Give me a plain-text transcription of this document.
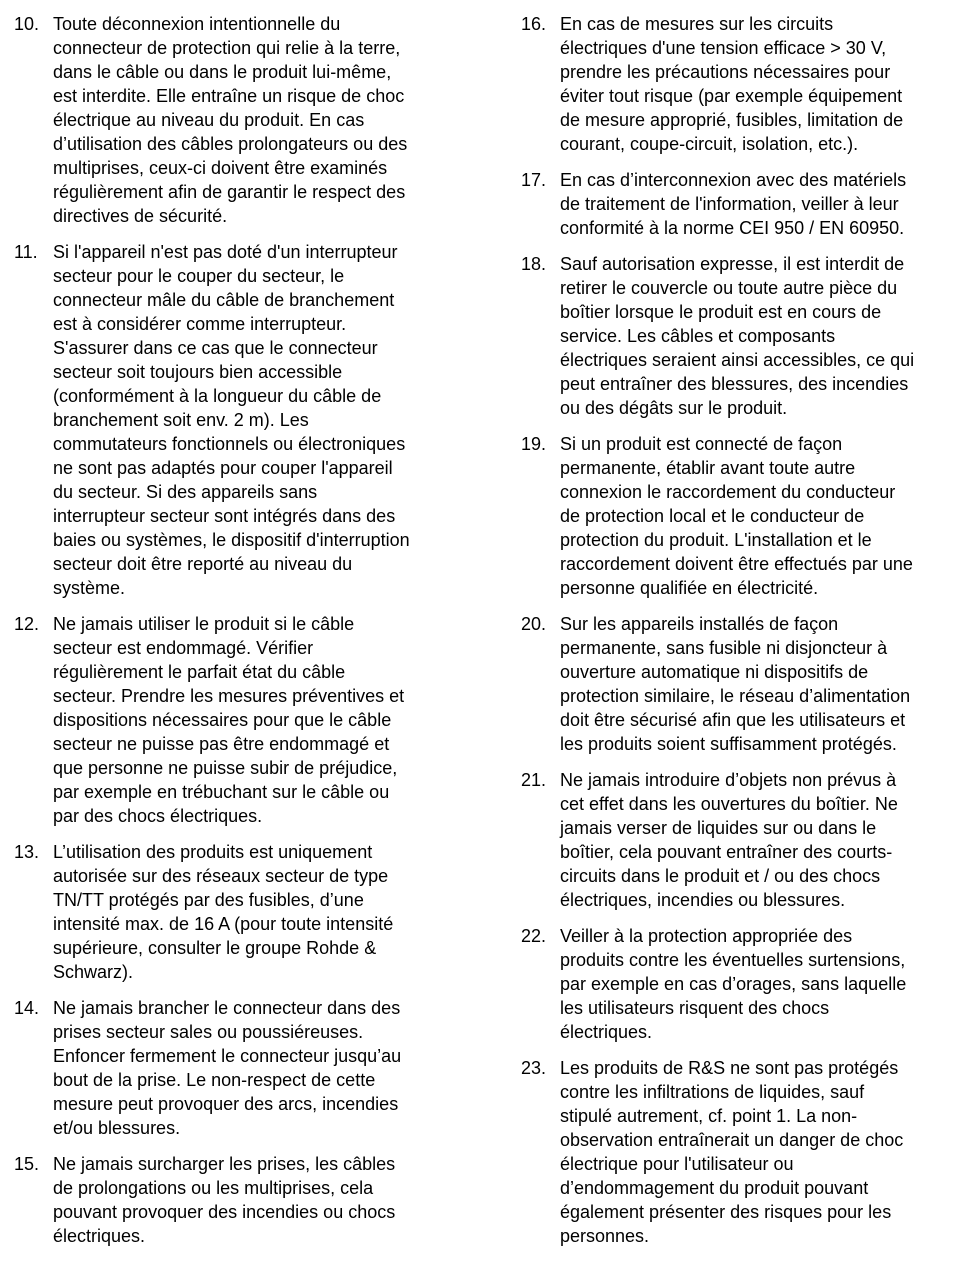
10. Toute déconnexion intentionnelle du
connecteur de protection qui relie à la terre,
dans le câble ou dans le produit lui-même,
est interdite. Elle entraîne un risque de choc
électrique au niveau du produit. En cas
d’utilisation des câbles prolongateurs ou des
multiprises, ceux-ci doivent être examinés
régulièrement afin de garantir le respect des
directives de sécurité.
11. Si l'appareil n'est pas doté d'un interrupteur
secteur pour le couper du secteur, le
connecteur mâle du câble de branchement
est à considérer comme interrupteur.
S'assurer dans ce cas que le connecteur
secteur soit toujours bien accessible
(conformément à la longueur du câble de
branchement soit env. 2 m). Les
commutateurs fonctionnels ou électroniques
ne sont pas adaptés pour couper l'appareil
du secteur. Si des appareils sans
interrupteur secteur sont intégrés dans des
baies ou systèmes, le dispositif d'interruption
secteur doit être reporté au niveau du
système.
12. Ne jamais utiliser le produit si le câble
secteur est endommagé. Vérifier
régulièrement le parfait état du câble
secteur. Prendre les mesures préventives et
dispositions nécessaires pour que le câble
secteur ne puisse pas être endommagé et
que personne ne puisse subir de préjudice,
par exemple en trébuchant sur le câble ou
par des chocs électriques.
13. L’utilisation des produits est uniquement
autorisée sur des réseaux secteur de type
TN/TT protégés par des fusibles, d’une
intensité max. de 16 A (pour toute intensité
supérieure, consulter le groupe Rohde &
Schwarz).
14. Ne jamais brancher le connecteur dans des
prises secteur sales ou poussiéreuses.
Enfoncer fermement le connecteur jusqu’au
bout de la prise. Le non-respect de cette
mesure peut provoquer des arcs, incendies
et/ou blessures.
15. Ne jamais surcharger les prises, les câbles
de prolongations ou les multiprises, cela
pouvant provoquer des incendies ou chocs
électriques.
16. En cas de mesures sur les circuits
électriques d'une tension efficace > 30 V,
prendre les précautions nécessaires pour
éviter tout risque (par exemple équipement
de mesure approprié, fusibles, limitation de
courant, coupe-circuit, isolation, etc.).
17. En cas d’interconnexion avec des matériels
de traitement de l'information, veiller à leur
conformité à la norme CEI 950 / EN 60950.
18. Sauf autorisation expresse, il est interdit de
retirer le couvercle ou toute autre pièce du
boîtier lorsque le produit est en cours de
service. Les câbles et composants
électriques seraient ainsi accessibles, ce qui
peut entraîner des blessures, des incendies
ou des dégâts sur le produit.
19. Si un produit est connecté de façon
permanente, établir avant toute autre
connexion le raccordement du conducteur
de protection local et le conducteur de
protection du produit. L'installation et le
raccordement doivent être effectués par une
personne qualifiée en électricité.
20. Sur les appareils installés de façon
permanente, sans fusible ni disjoncteur à
ouverture automatique ni dispositifs de
protection similaire, le réseau d’alimentation
doit être sécurisé afin que les utilisateurs et
les produits soient suffisamment protégés.
21. Ne jamais introduire d’objets non prévus à
cet effet dans les ouvertures du boîtier. Ne
jamais verser de liquides sur ou dans le
boîtier, cela pouvant entraîner des courts-
circuits dans le produit et / ou des chocs
électriques, incendies ou blessures.
22. Veiller à la protection appropriée des
produits contre les éventuelles surtensions,
par exemple en cas d’orages, sans laquelle
les utilisateurs risquent des chocs
électriques.
23. Les produits de R&S ne sont pas protégés
contre les infiltrations de liquides, sauf
stipulé autrement, cf. point 1. La non-
observation entraînerait un danger de choc
électrique pour l'utilisateur ou
d’endommagement du produit pouvant
également présenter des risques pour les
personnes.
